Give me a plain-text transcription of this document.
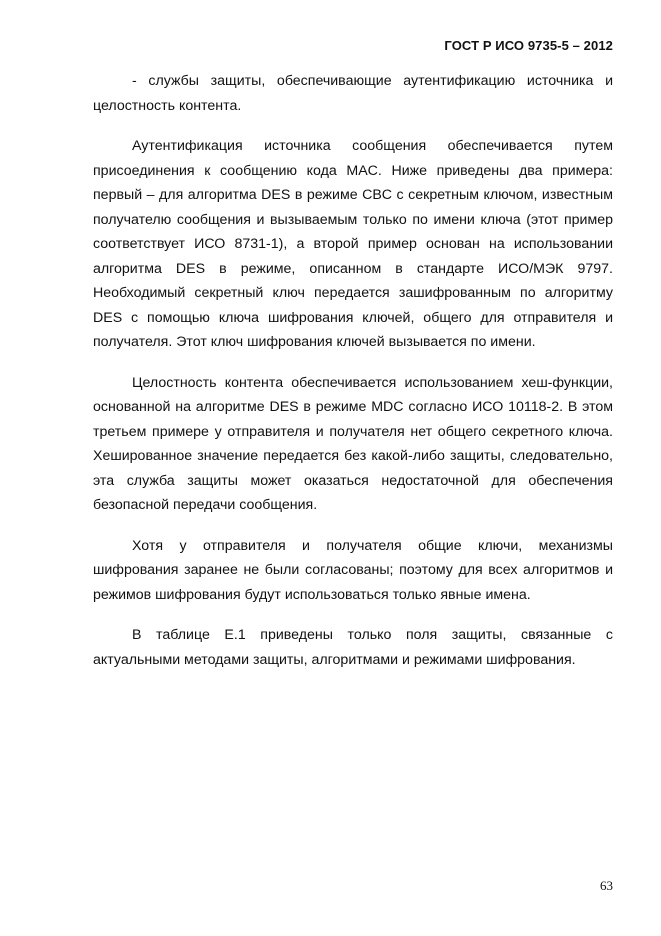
ГОСТ Р ИСО 9735-5 – 2012

- службы защиты, обеспечивающие аутентификацию источника и целостность контента.

Аутентификация источника сообщения обеспечивается путем присоединения к сообщению кода MAC. Ниже приведены два примера: первый – для алгоритма DES в режиме CBC с секретным ключом, известным получателю сообщения и вызываемым только по имени ключа (этот пример соответствует ИСО 8731-1), а второй пример основан на использовании алгоритма DES в режиме, описанном в стандарте ИСО/МЭК 9797. Необходимый секретный ключ передается зашифрованным по алгоритму DES с помощью ключа шифрования ключей, общего для отправителя и получателя. Этот ключ шифрования ключей вызывается по имени.

Целостность контента обеспечивается использованием хеш-функции, основанной на алгоритме DES в режиме MDC согласно ИСО 10118-2. В этом третьем примере у отправителя и получателя нет общего секретного ключа. Хешированное значение передается без какой-либо защиты, следовательно, эта служба защиты может оказаться недостаточной для обеспечения безопасной передачи сообщения.

Хотя у отправителя и получателя общие ключи, механизмы шифрования заранее не были согласованы; поэтому для всех алгоритмов и режимов шифрования будут использоваться только явные имена.

В таблице Е.1 приведены только поля защиты, связанные с актуальными методами защиты, алгоритмами и режимами шифрования.

63
